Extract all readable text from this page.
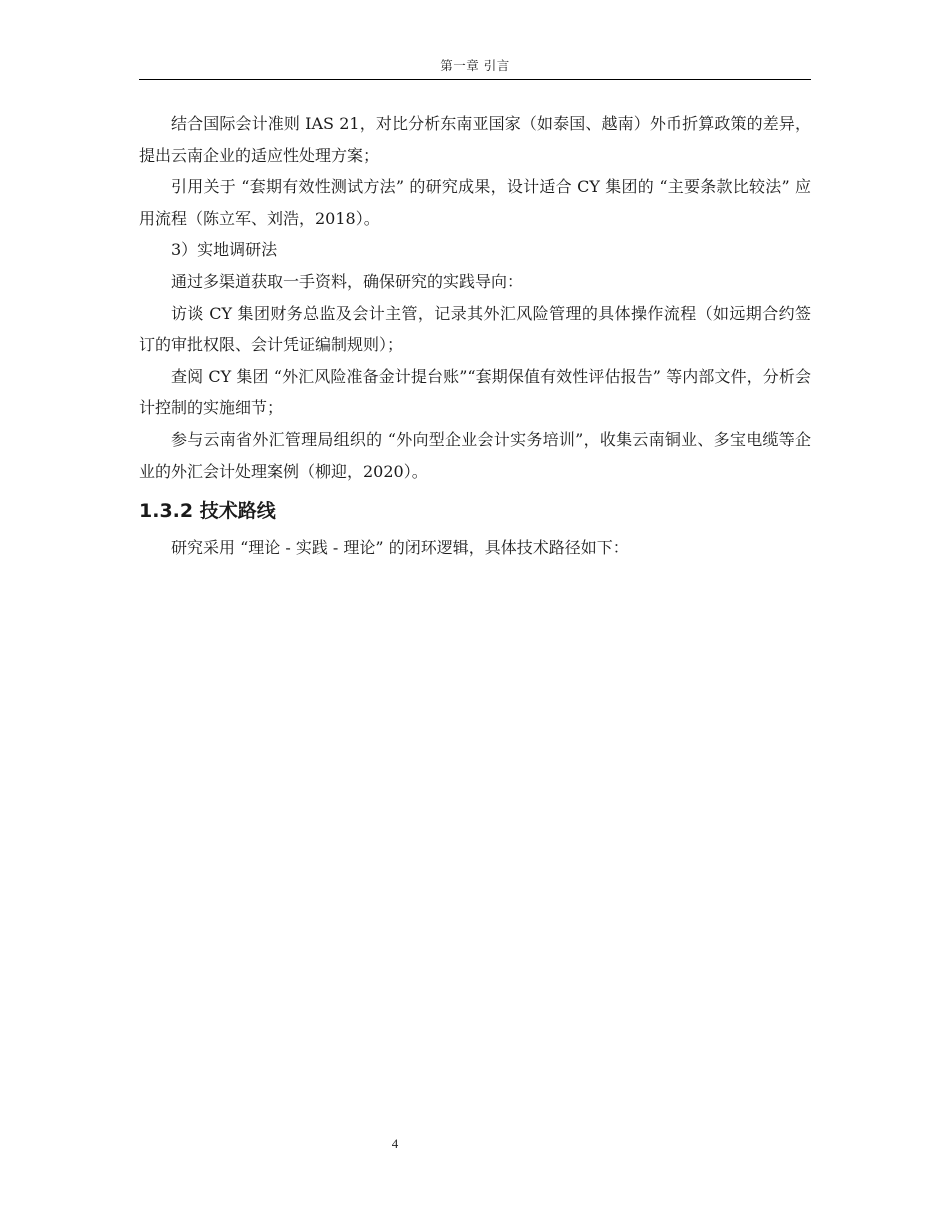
第一章 引言

结合国际会计准则 IAS 21，对比分析东南亚国家（如泰国、越南）外币折算政策的差异，提出云南企业的适应性处理方案；

引用关于 “套期有效性测试方法” 的研究成果，设计适合 CY 集团的 “主要条款比较法” 应用流程（陈立军、刘浩，2018）。

3）实地调研法

通过多渠道获取一手资料，确保研究的实践导向：

访谈 CY 集团财务总监及会计主管，记录其外汇风险管理的具体操作流程（如远期合约签订的审批权限、会计凭证编制规则）；

查阅 CY 集团 “外汇风险准备金计提台账”“套期保值有效性评估报告” 等内部文件，分析会计控制的实施细节；

参与云南省外汇管理局组织的 “外向型企业会计实务培训”，收集云南铜业、多宝电缆等企业的外汇会计处理案例（柳迎，2020）。

1.3.2 技术路线

研究采用 “理论 - 实践 - 理论” 的闭环逻辑，具体技术路径如下：

4
